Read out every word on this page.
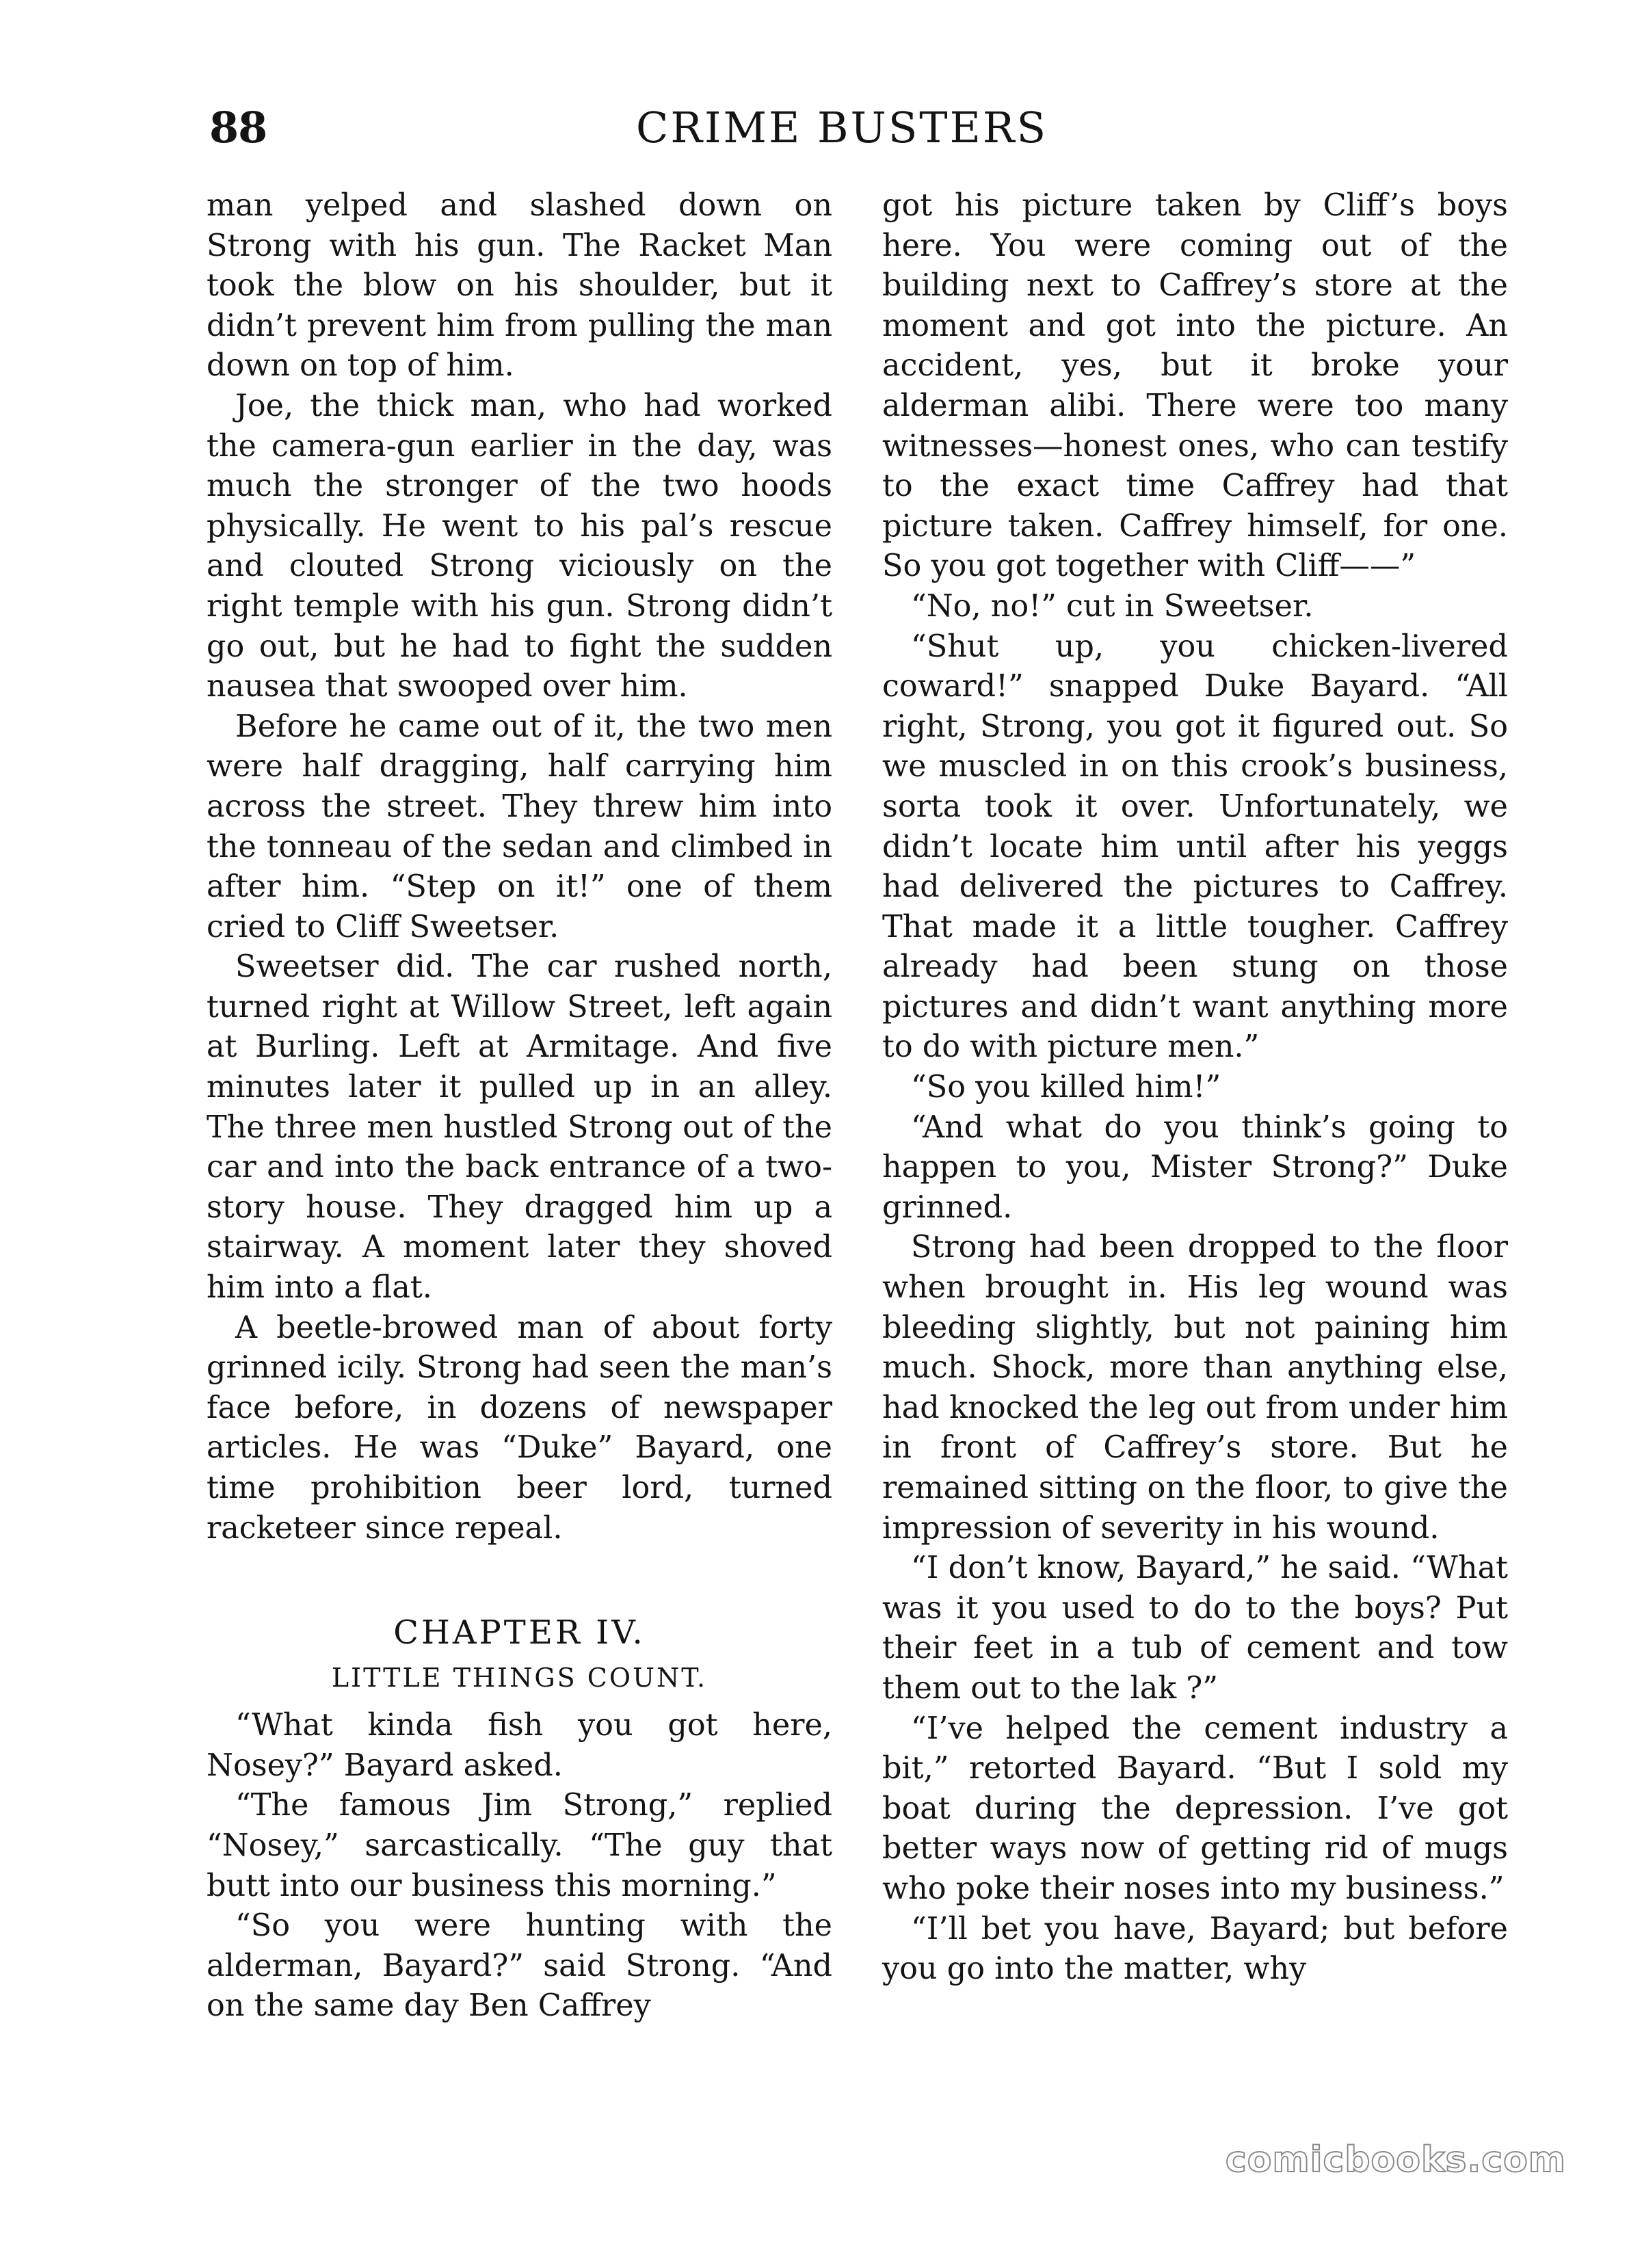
88	CRIME BUSTERS

man yelped and slashed down on Strong with his gun. The Racket Man took the blow on his shoulder, but it didn’t prevent him from pulling the man down on top of him.

Joe, the thick man, who had worked the camera-gun earlier in the day, was much the stronger of the two hoods physically. He went to his pal’s rescue and clouted Strong viciously on the right temple with his gun. Strong didn’t go out, but he had to fight the sudden nausea that swooped over him.

Before he came out of it, the two men were half dragging, half carrying him across the street. They threw him into the tonneau of the sedan and climbed in after him. “Step on it!” one of them cried to Cliff Sweetser.

Sweetser did. The car rushed north, turned right at Willow Street, left again at Burling. Left at Armitage. And five minutes later it pulled up in an alley. The three men hustled Strong out of the car and into the back entrance of a two-story house. They dragged him up a stairway. A moment later they shoved him into a flat.

A beetle-browed man of about forty grinned icily. Strong had seen the man’s face before, in dozens of newspaper articles. He was “Duke” Bayard, one time prohibition beer lord, turned racketeer since repeal.

CHAPTER IV.

LITTLE THINGS COUNT.

“What kinda fish you got here, Nosey?” Bayard asked.

“The famous Jim Strong,” replied “Nosey,” sarcastically. “The guy that butt into our business this morning.”

“So you were hunting with the alderman, Bayard?” said Strong. “And on the same day Ben Caffrey

got his picture taken by Cliff’s boys here. You were coming out of the building next to Caffrey’s store at the moment and got into the picture. An accident, yes, but it broke your alderman alibi. There were too many witnesses—honest ones, who can testify to the exact time Caffrey had that picture taken. Caffrey himself, for one. So you got together with Cliff——”

“No, no!” cut in Sweetser.

“Shut up, you chicken-livered coward!” snapped Duke Bayard. “All right, Strong, you got it figured out. So we muscled in on this crook’s business, sorta took it over. Unfortunately, we didn’t locate him until after his yeggs had delivered the pictures to Caffrey. That made it a little tougher. Caffrey already had been stung on those pictures and didn’t want anything more to do with picture men.”

“So you killed him!”

“And what do you think’s going to happen to you, Mister Strong?” Duke grinned.

Strong had been dropped to the floor when brought in. His leg wound was bleeding slightly, but not paining him much. Shock, more than anything else, had knocked the leg out from under him in front of Caffrey’s store. But he remained sitting on the floor, to give the impression of severity in his wound.

“I don’t know, Bayard,” he said. “What was it you used to do to the boys? Put their feet in a tub of cement and tow them out to the lak ?”

“I’ve helped the cement industry a bit,” retorted Bayard. “But I sold my boat during the depression. I’ve got better ways now of getting rid of mugs who poke their noses into my business.”

“I’ll bet you have, Bayard; but before you go into the matter, why

comicbooks.com
